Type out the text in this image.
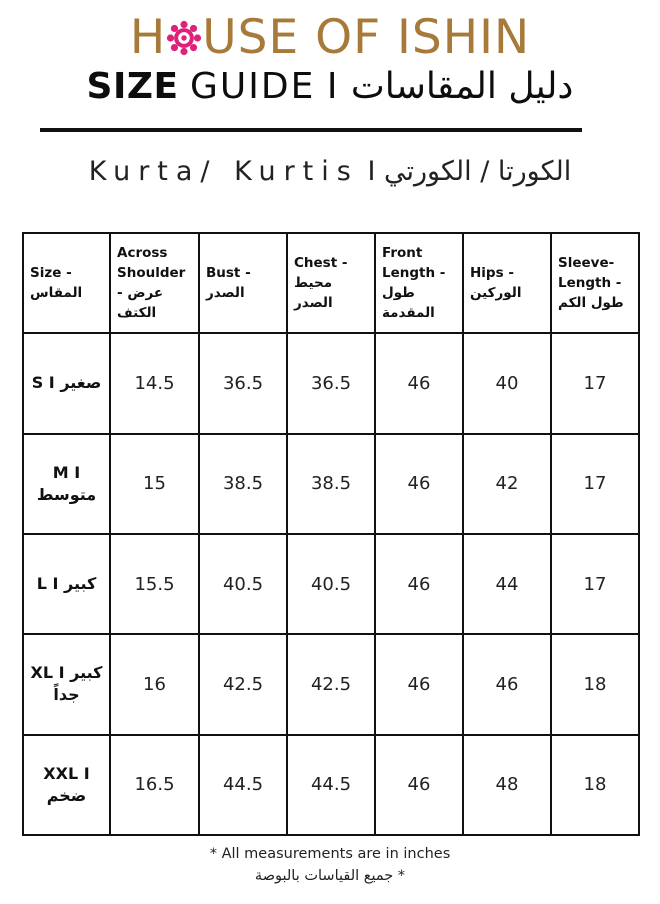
H USE OF ISHIN
SIZE GUIDE I دليل المقاسات
Kurta/ Kurtis I الكورتا / الكورتي
Size - المقاس	Across Shoulder - عرض الكتف	Bust - الصدر	Chest - محيط الصدر	Front Length - طول المقدمة	Hips - الوركين	Sleeve-Length - طول الكم
S I صغير	14.5	36.5	36.5	46	40	17
M I متوسط	15	38.5	38.5	46	42	17
L I كبير	15.5	40.5	40.5	46	44	17
XL I كبير جداً	16	42.5	42.5	46	46	18
XXL I ضخم	16.5	44.5	44.5	46	48	18
* All measurements are in inches
جميع القياسات بالبوصة *
